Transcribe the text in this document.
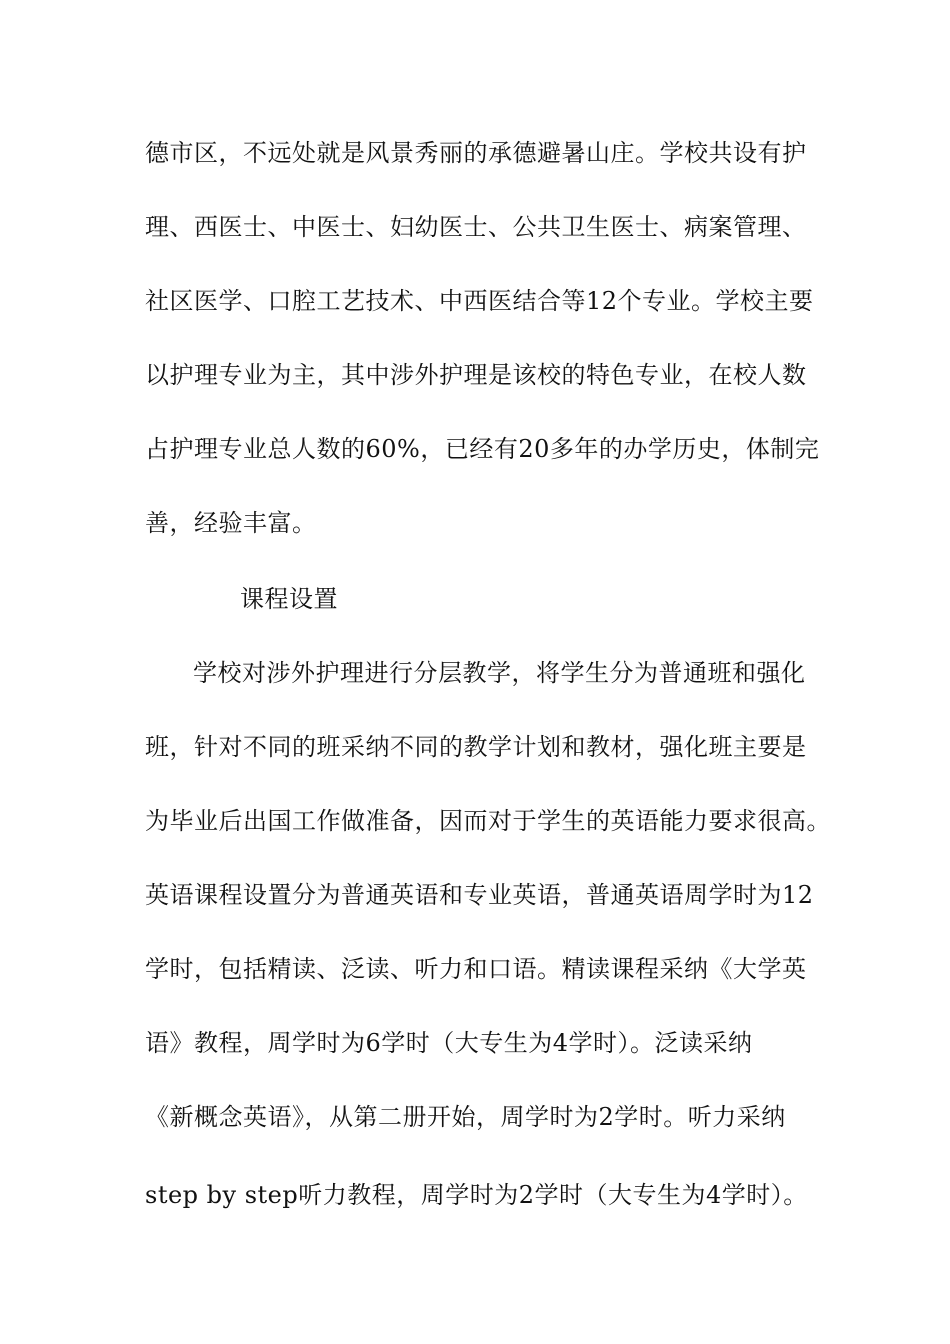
德市区，不远处就是风景秀丽的承德避暑山庄。学校共设有护
理、西医士、中医士、妇幼医士、公共卫生医士、病案管理、
社区医学、口腔工艺技术、中西医结合等12个专业。学校主要
以护理专业为主，其中涉外护理是该校的特色专业，在校人数
占护理专业总人数的60%，已经有20多年的办学历史，体制完
善，经验丰富。
课程设置
学校对涉外护理进行分层教学，将学生分为普通班和强化
班，针对不同的班采纳不同的教学计划和教材，强化班主要是
为毕业后出国工作做准备，因而对于学生的英语能力要求很高。
英语课程设置分为普通英语和专业英语，普通英语周学时为12
学时，包括精读、泛读、听力和口语。精读课程采纳《大学英
语》教程，周学时为6学时（大专生为4学时）。泛读采纳
《新概念英语》，从第二册开始，周学时为2学时。听力采纳
step by step听力教程，周学时为2学时（大专生为4学时）。
